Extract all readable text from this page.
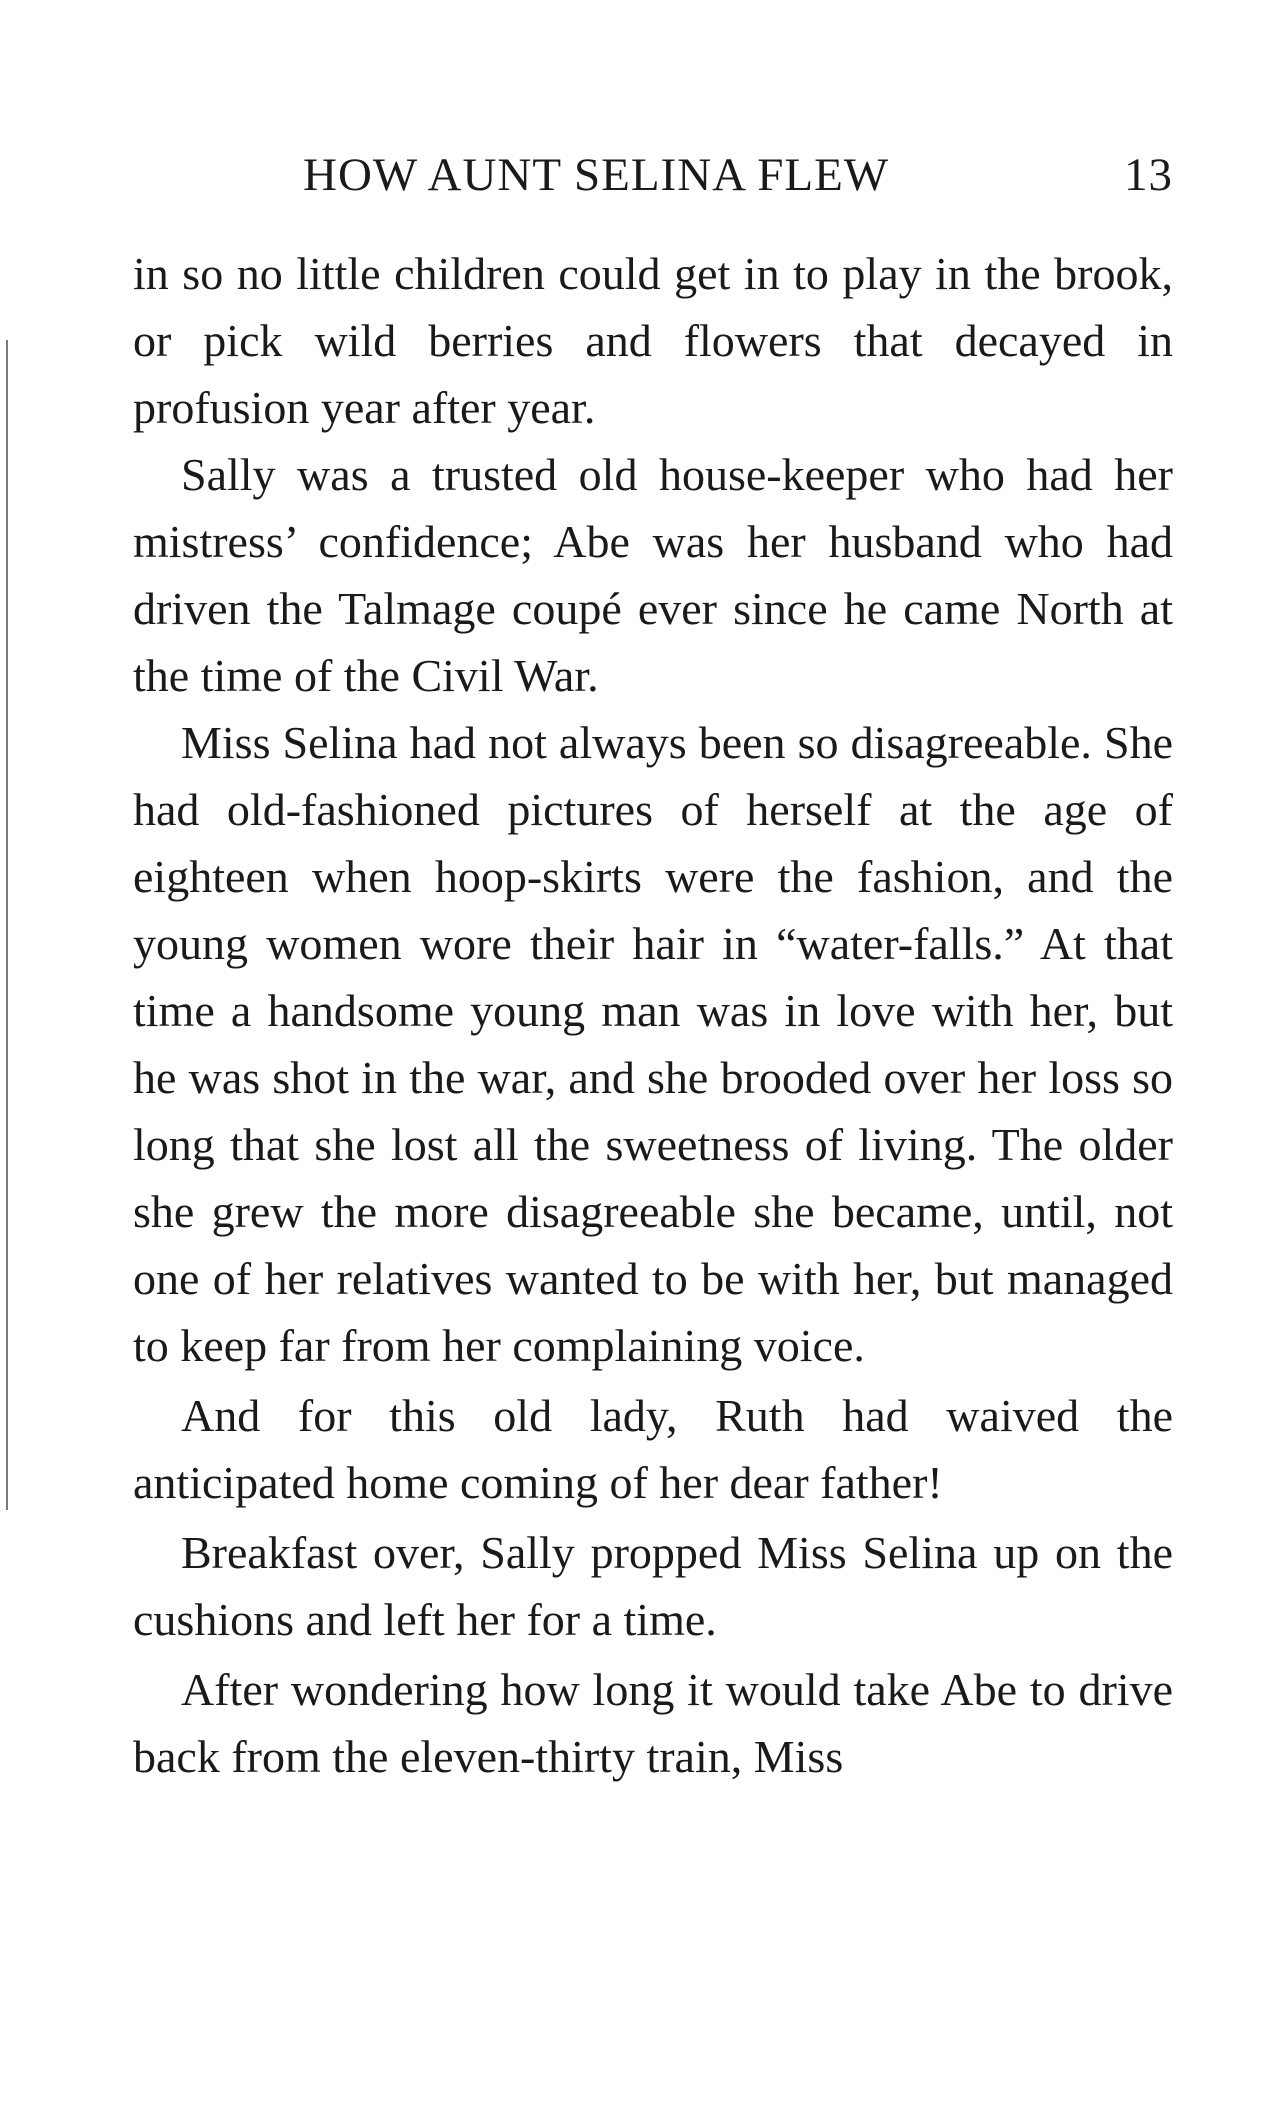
HOW AUNT SELINA FLEW	13

in so no little children could get in to play in the brook, or pick wild berries and flowers that decayed in profusion year after year.

Sally was a trusted old house-keeper who had her mistress’ confidence; Abe was her husband who had driven the Talmage coupé ever since he came North at the time of the Civil War.

Miss Selina had not always been so disagreeable. She had old-fashioned pictures of herself at the age of eighteen when hoop-skirts were the fashion, and the young women wore their hair in “water-falls.” At that time a handsome young man was in love with her, but he was shot in the war, and she brooded over her loss so long that she lost all the sweetness of living. The older she grew the more disagreeable she became, until, not one of her relatives wanted to be with her, but managed to keep far from her complaining voice.

And for this old lady, Ruth had waived the anticipated home coming of her dear father!

Breakfast over, Sally propped Miss Selina up on the cushions and left her for a time.

After wondering how long it would take Abe to drive back from the eleven-thirty train, Miss
